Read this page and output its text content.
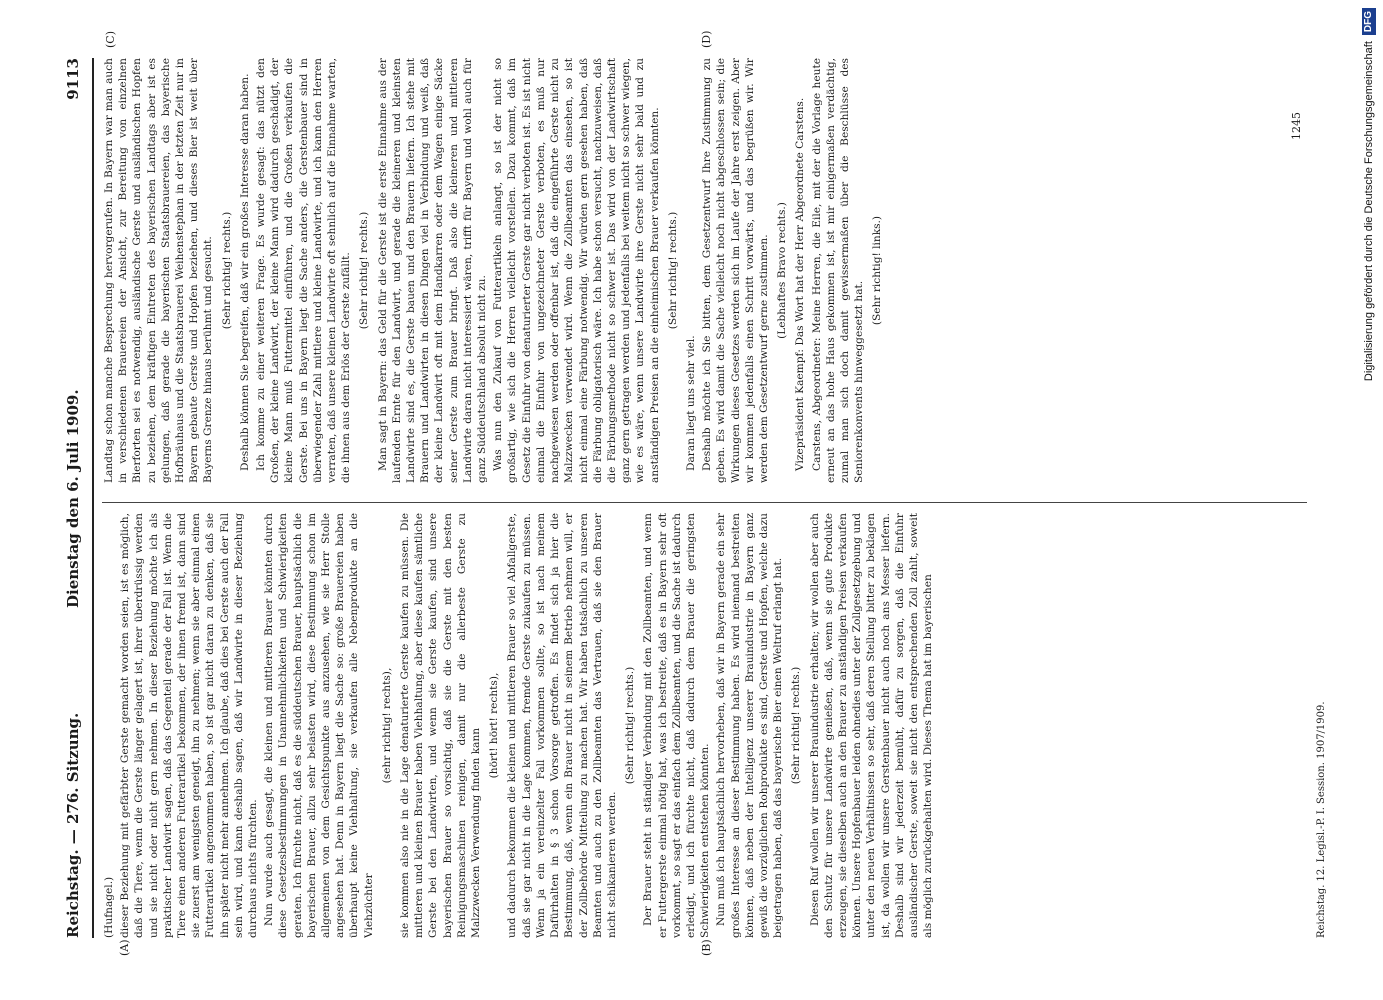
Reichstag. — 276. Sitzung.
Dienstag den 6. Juli 1909.
9113
(A)	(B)
(C)	(D)

(Hufnagel.) dieser Beziehung mit gefärbter Gerste gemacht worden seien, ist es möglich, daß die Tiere, wenn die Gerste länger gelagert ist, ihrer überdrüssig werden und sie nicht oder nicht gern nehmen. In dieser Beziehung möchte ich als praktischer Landwirt sagen, daß das Gegenteil gerade der Fall ist. Wenn die Tiere einen anderen Futterartikel bekommen, der ihnen fremd ist, dann sind sie zuerst am wenigsten geneigt, ihn zu nehmen; wenn sie aber einmal einen Futterartikel angenommen haben, so ist gar nicht daran zu denken, daß sie ihn später nicht mehr annehmen. Ich glaube, daß dies bei Gerste auch der Fall sein wird, und kann deshalb sagen, daß wir Landwirte in dieser Beziehung durchaus nichts fürchten. Nun wurde auch gesagt, die kleinen und mittleren Brauer könnten durch diese Gesetzesbestimmungen in Unannehmlichkeiten und Schwierigkeiten geraten. Ich fürchte nicht, daß es die süddeutschen Brauer, hauptsächlich die bayerischen Brauer, allzu sehr belasten wird, diese Bestimmung schon im allgemeinen von dem Gesichtspunkte aus anzusehen, wie sie Herr Stolle angesehen hat. Denn in Bayern liegt die Sache so: große Brauereien haben überhaupt keine Viehhaltung, sie verkaufen alle Nebenprodukte an die Viehzüchter

(sehr richtig! rechts), sie kommen also nie in die Lage denaturierte Gerste kaufen zu müssen. Die mittleren und kleinen Brauer haben Viehhaltung, aber diese kaufen sämtliche Gerste bei den Landwirten, und wenn sie Gerste kaufen, sind unsere bayerischen Brauer so vorsichtig, daß sie die Gerste mit den besten Reinigungsmaschinen reinigen, damit nur die allerbeste Gerste zu Malzzwecken Verwendung finden kann

(hört! hört! rechts), und dadurch bekommen die kleinen und mittleren Brauer so viel Abfallgerste, daß sie gar nicht in die Lage kommen, fremde Gerste zukaufen zu müssen. Wenn ja ein vereinzelter Fall vorkommen sollte, so ist nach meinem Dafürhalten in § 3 schon Vorsorge getroffen. Es findet sich ja hier die Bestimmung, daß, wenn ein Brauer nicht in seinem Betrieb nehmen will, er der Zollbehörde Mitteilung zu machen hat. Wir haben tatsächlich zu unseren Beamten und auch zu den Zollbeamten das Vertrauen, daß sie den Brauer nicht schikanieren werden.

(Sehr richtig! rechts.) Der Brauer steht in ständiger Verbindung mit den Zollbeamten, und wenn er Futtergerste einmal nötig hat, was ich bestreite, daß es in Bayern sehr oft vorkommt, so sagt er das einfach dem Zollbeamten, und die Sache ist dadurch erledigt, und ich fürchte nicht, daß dadurch dem Brauer die geringsten Schwierigkeiten entstehen könnten. Nun muß ich hauptsächlich hervorheben, daß wir in Bayern gerade ein sehr großes Interesse an dieser Bestimmung haben. Es wird niemand bestreiten können, daß neben der Intelligenz unserer Brauindustrie in Bayern ganz gewiß die vorzüglichen Rohprodukte es sind, Gerste und Hopfen, welche dazu beigetragen haben, daß das bayerische Bier einen Weltruf erlangt hat. (Sehr richtig! rechts.) Diesen Ruf wollen wir unserer Brauindustrie erhalten; wir wollen aber auch den Schutz für unsere Landwirte genießen, daß, wenn sie gute Produkte erzeugen, sie dieselben auch an den Brauer zu anständigen Preisen verkaufen können. Unsere Hopfenbauer leiden ohnedies unter der Zollgesetzgebung und unter den neuen Verhältnissen so sehr, daß deren Stellung bitter zu beklagen ist, da wollen wir unsere Gerstenbauer nicht auch noch ans Messer liefern. Deshalb sind wir jederzeit bemüht, dafür zu sorgen, daß die Einfuhr ausländischer Gerste, soweit sie nicht den entsprechenden Zoll zahlt, soweit als möglich zurückgehalten wird. Dieses Thema hat im bayerischen

Landtag schon manche Besprechung hervorgerufen. In Bayern war man auch in verschiedenen Brauereien der Ansicht, zur Bereitung von einzelnen Bierforten sei es notwendig, ausländische Gerste und ausländischen Hopfen zu beziehen, dem kräftigen Eintreten des bayerischen Landtags aber ist es gelungen, daß gerade die bayerischen Staatsbrauereien, das bayerische Hofbräuhaus und die Staatsbrauerei Weihenstephan in der letzten Zeit nur in Bayern gebaute Gerste und Hopfen beziehen, und dieses Bier ist weit über Bayerns Grenze hinaus berühmt und gesucht. (Sehr richtig! rechts.) Deshalb können Sie begreifen, daß wir ein großes Interesse daran haben. Ich komme zu einer weiteren Frage. Es wurde gesagt: das nützt den Großen, der kleine Landwirt, der kleine Mann wird dadurch geschädigt, der kleine Mann muß Futtermittel einführen, und die Großen verkaufen die Gerste. Bei uns in Bayern liegt die Sache anders, die Gerstenbauer sind in überwiegender Zahl mittlere und kleine Landwirte, und ich kann den Herren verraten, daß unsere kleinen Landwirte oft sehnlich auf die Einnahme warten, die ihnen aus dem Erlös der Gerste zufällt. (Sehr richtig! rechts.) Man sagt in Bayern: das Geld für die Gerste ist die erste Einnahme aus der laufenden Ernte für den Landwirt, und gerade die kleineren und kleinsten Landwirte sind es, die Gerste bauen und den Brauern liefern. Ich stehe mit Brauern und Landwirten in diesen Dingen viel in Verbindung und weiß, daß der kleine Landwirt oft mit dem Handkarren oder dem Wagen einige Säcke seiner Gerste zum Brauer bringt. Daß also die kleineren und mittleren Landwirte daran nicht interessiert wären, trifft für Bayern und wohl auch für ganz Süddeutschland absolut nicht zu. Was nun den Zukauf von Futterartikeln anlangt, so ist der nicht so großartig, wie sich die Herren vielleicht vorstellen. Dazu kommt, daß im Gesetz die Einfuhr von denaturierter Gerste gar nicht verboten ist. Es ist nicht einmal die Einfuhr von ungezeichneter Gerste verboten, es muß nur nachgewiesen werden oder offenbar ist, daß die eingeführte Gerste nicht zu Malzzwecken verwendet wird. Wenn die Zollbeamten das einsehen, so ist nicht einmal eine Färbung notwendig. Wir würden gern gesehen haben, daß die Färbung obligatorisch wäre. Ich habe schon versucht, nachzuweisen, daß die Färbungsmethode nicht so schwer ist. Das wird von der Landwirtschaft ganz gern getragen werden und jedenfalls bei weitem nicht so schwer wiegen, wie es wäre, wenn unsere Landwirte ihre Gerste nicht sehr bald und zu anständigen Preisen an die einheimischen Brauer verkaufen könnten. (Sehr richtig! rechts.)

Daran liegt uns sehr viel. Deshalb möchte ich Sie bitten, dem Gesetzentwurf Ihre Zustimmung zu geben. Es wird damit die Sache vielleicht noch nicht abgeschlossen sein; die Wirkungen dieses Gesetzes werden sich im Laufe der Jahre erst zeigen. Aber wir kommen jedenfalls einen Schritt vorwärts, und das begrüßen wir. Wir werden dem Gesetzentwurf gerne zustimmen. (Lebhaftes Bravo rechts.) Vizepräsident Kaempf: Das Wort hat der Herr Abgeordnete Carstens. Carstens, Abgeordneter: Meine Herren, die Eile, mit der die Vorlage heute erneut an das hohe Haus gekommen ist, ist mir einigermaßen verdächtig, zumal man sich doch damit gewissermaßen über die Beschlüsse des Seniorenkonvents hinweggesetzt hat.

(Sehr richtig! links.)

Reichstag. 12. Legisl.-P. I. Session. 1907/1909.
1245	Digitalisierung gefördert durch die Deutsche Forschungsgemeinschaft
DFG
